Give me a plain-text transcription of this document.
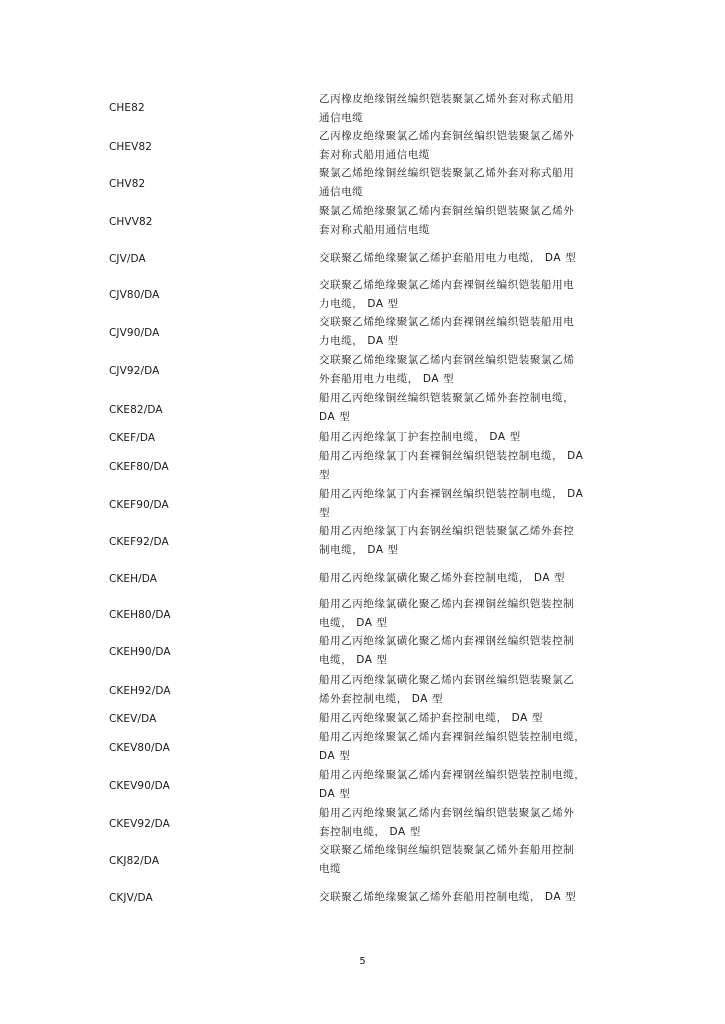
CHE82
乙丙橡皮绝缘铜丝编织铠装聚氯乙烯外套对称式船用
通信电缆
CHEV82
乙丙橡皮绝缘聚氯乙烯内套铜丝编织铠装聚氯乙烯外
套对称式船用通信电缆
CHV82
聚氯乙烯绝缘铜丝编织铠装聚氯乙烯外套对称式船用
通信电缆
CHVV82
聚氯乙烯绝缘聚氯乙烯内套铜丝编织铠装聚氯乙烯外
套对称式船用通信电缆
CJV/DA	交联聚乙烯绝缘聚氯乙烯护套船用电力电缆， DA 型
CJV80/DA
交联聚乙烯绝缘聚氯乙烯内套裸铜丝编织铠装船用电
力电缆， DA 型
CJV90/DA
交联聚乙烯绝缘聚氯乙烯内套裸钢丝编织铠装船用电
力电缆， DA 型
CJV92/DA
交联聚乙烯绝缘聚氯乙烯内套钢丝编织铠装聚氯乙烯
外套船用电力电缆， DA 型
CKE82/DA
船用乙丙绝缘铜丝编织铠装聚氯乙烯外套控制电缆，
DA 型
CKEF/DA	船用乙丙绝缘氯丁护套控制电缆， DA 型
CKEF80/DA
船用乙丙绝缘氯丁内套裸铜丝编织铠装控制电缆， DA
型
CKEF90/DA
船用乙丙绝缘氯丁内套裸钢丝编织铠装控制电缆， DA
型
CKEF92/DA
船用乙丙绝缘氯丁内套钢丝编织铠装聚氯乙烯外套控
制电缆， DA 型
CKEH/DA	船用乙丙绝缘氯磺化聚乙烯外套控制电缆， DA 型
CKEH80/DA
船用乙丙绝缘氯磺化聚乙烯内套裸铜丝编织铠装控制
电缆， DA 型
CKEH90/DA
船用乙丙绝缘氯磺化聚乙烯内套裸钢丝编织铠装控制
电缆， DA 型
CKEH92/DA
船用乙丙绝缘氯磺化聚乙烯内套钢丝编织铠装聚氯乙
烯外套控制电缆， DA 型
CKEV/DA	船用乙丙绝缘聚氯乙烯护套控制电缆， DA 型
CKEV80/DA
船用乙丙绝缘聚氯乙烯内套裸铜丝编织铠装控制电缆，
DA 型
CKEV90/DA
船用乙丙绝缘聚氯乙烯内套裸钢丝编织铠装控制电缆，
DA 型
CKEV92/DA
船用乙丙绝缘聚氯乙烯内套钢丝编织铠装聚氯乙烯外
套控制电缆， DA 型
CKJ82/DA
交联聚乙烯绝缘铜丝编织铠装聚氯乙烯外套船用控制
电缆
CKJV/DA	交联聚乙烯绝缘聚氯乙烯外套船用控制电缆， DA 型
5
